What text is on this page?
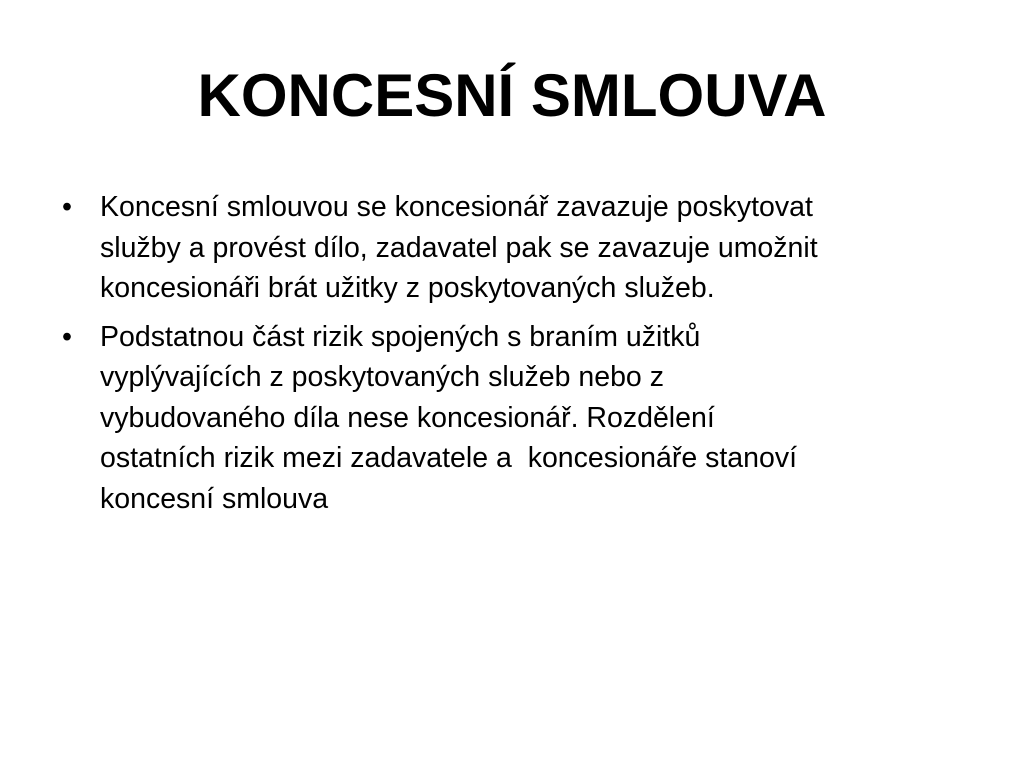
KONCESNÍ SMLOUVA
• Koncesní smlouvou se koncesionář zavazuje poskytovat
služby a provést dílo, zadavatel pak se zavazuje umožnit
koncesionáři brát užitky z poskytovaných služeb.
• Podstatnou část rizik spojených s braním užitků
vyplývajících z poskytovaných služeb nebo z
vybudovaného díla nese koncesionář. Rozdělení
ostatních rizik mezi zadavatele a  koncesionáře stanoví
koncesní smlouva
